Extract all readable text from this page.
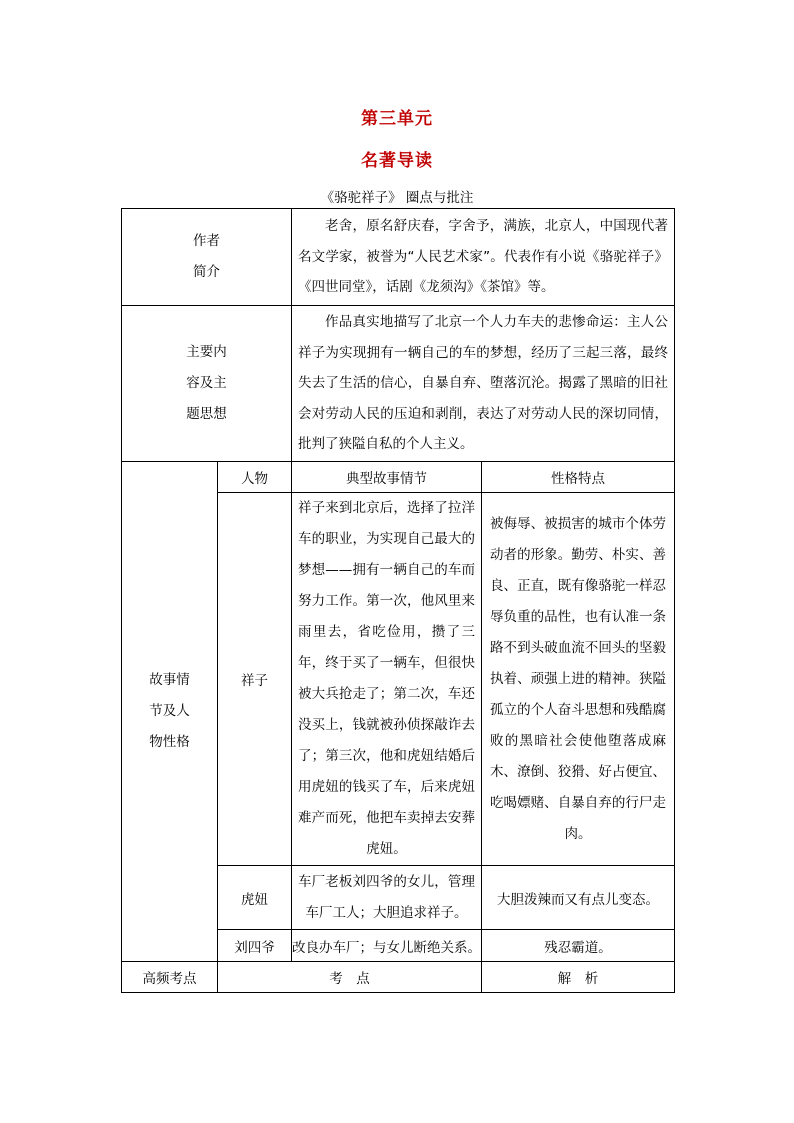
第三单元
名著导读
《骆驼祥子》 圈点与批注
作者
简介		老舍，原名舒庆春，字舍予，满族，北京人，中国现代著名文学家，被誉为“人民艺术家”。代表作有小说《骆驼祥子》《四世同堂》，话剧《龙须沟》《茶馆》等。	

主要内
容及主
题思想		作品真实地描写了北京一个人力车夫的悲惨命运：主人公祥子为实现拥有一辆自己的车的梦想，经历了三起三落，最终失去了生活的信心，自暴自弃、堕落沉沦。揭露了黑暗的旧社会对劳动人民的压迫和剥削，表达了对劳动人民的深切同情，批判了狭隘自私的个人主义。	

故事情
节及人
物性格	人物	典型故事情节	性格特点
	祥子	祥子来到北京后，选择了拉洋车的职业，为实现自己最大的梦想——拥有一辆自己的车而努力工作。第一次，他风里来雨里去，省吃俭用，攒了三年，终于买了一辆车，但很快被大兵抢走了；第二次，车还没买上，钱就被孙侦探敲诈去了；第三次，他和虎妞结婚后用虎妞的钱买了车，后来虎妞难产而死，他把车卖掉去安葬虎妞。	被侮辱、被损害的城市个体劳动者的形象。勤劳、朴实、善良、正直，既有像骆驼一样忍辱负重的品性，也有认准一条路不到头破血流不回头的坚毅执着、顽强上进的精神。狭隘孤立的个人奋斗思想和残酷腐败的黑暗社会使他堕落成麻木、潦倒、狡猾、好占便宜、吃喝嫖赌、自暴自弃的行尸走肉。
	虎妞	车厂老板刘四爷的女儿，管理车厂工人；大胆追求祥子。	大胆泼辣而又有点儿变态。
	刘四爷	改良办车厂；与女儿断绝关系。	残忍霸道。

高频考点	考　点		解　析
